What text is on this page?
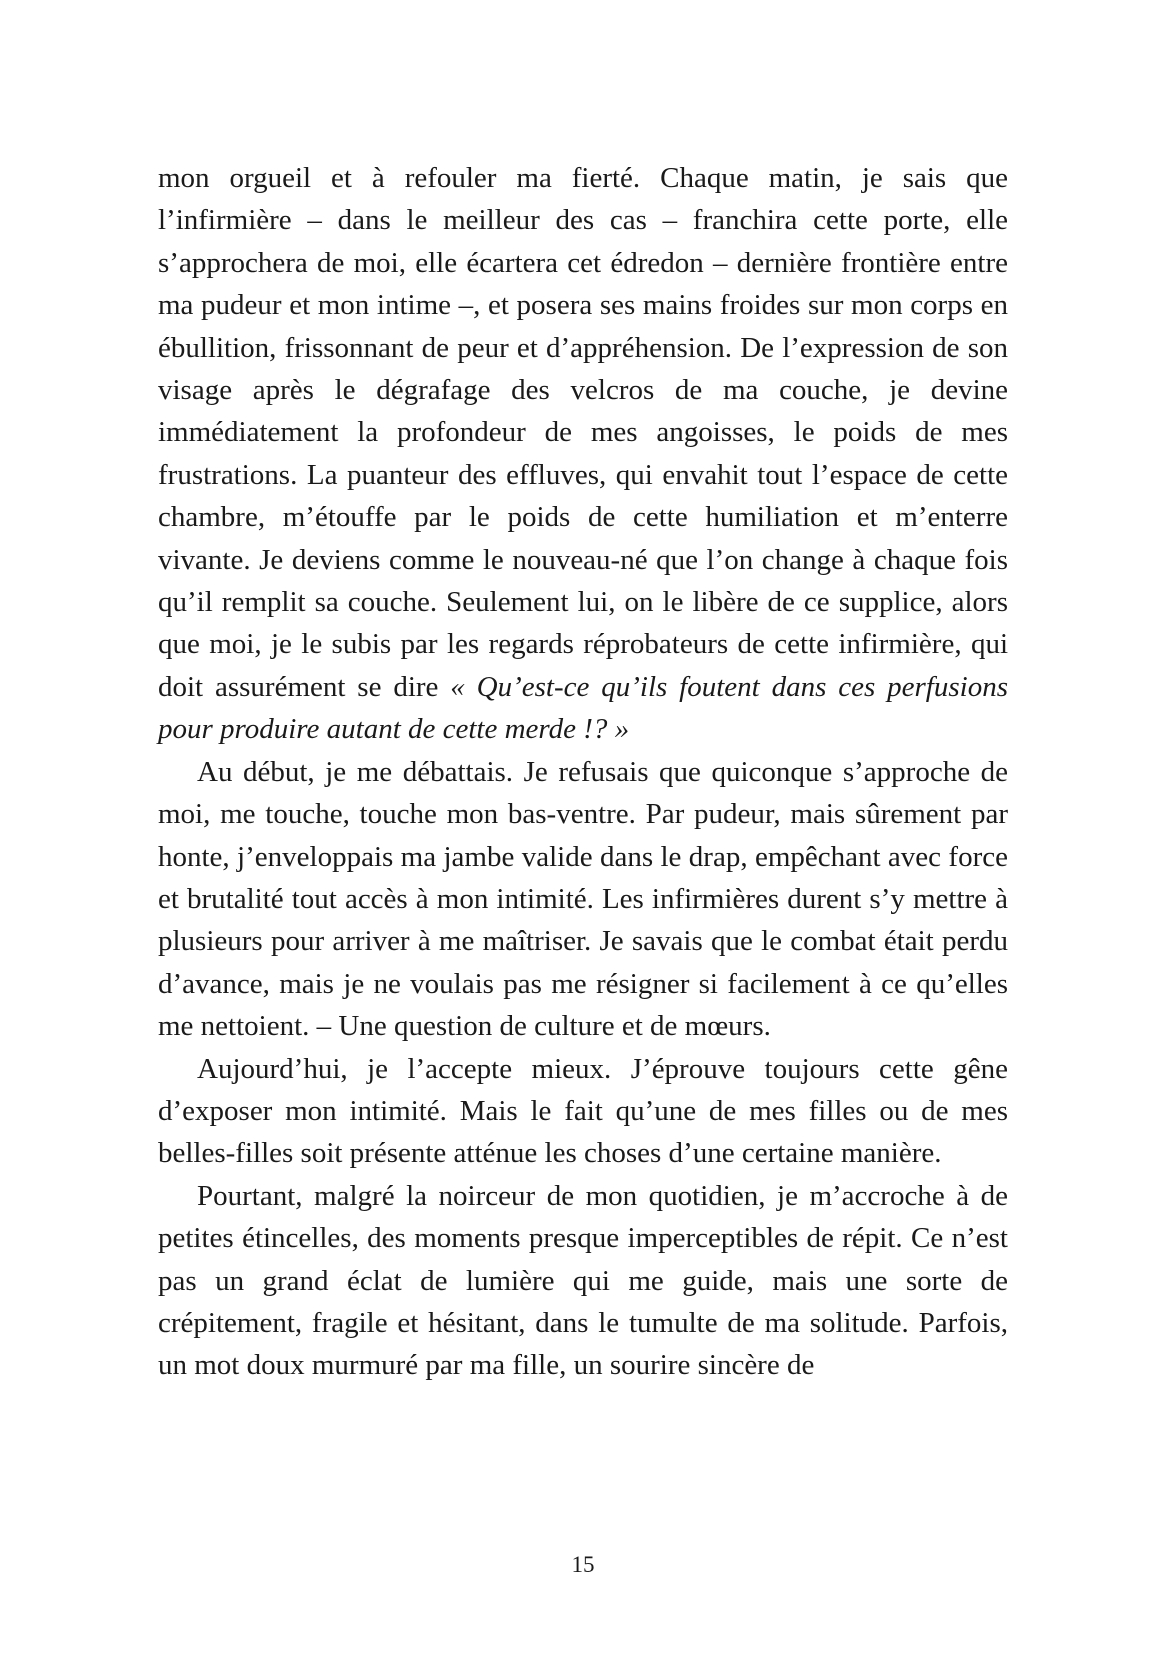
mon orgueil et à refouler ma fierté. Chaque matin, je sais que l’infirmière – dans le meilleur des cas – franchira cette porte, elle s’approchera de moi, elle écartera cet édredon – dernière frontière entre ma pudeur et mon intime –, et posera ses mains froides sur mon corps en ébullition, frissonnant de peur et d’appréhension. De l’expression de son visage après le dégrafage des velcros de ma couche, je devine immédiatement la profondeur de mes angoisses, le poids de mes frustrations. La puanteur des effluves, qui envahit tout l’espace de cette chambre, m’étouffe par le poids de cette humiliation et m’enterre vivante. Je deviens comme le nouveau-né que l’on change à chaque fois qu’il remplit sa couche. Seulement lui, on le libère de ce supplice, alors que moi, je le subis par les regards réprobateurs de cette infirmière, qui doit assurément se dire « Qu’est-ce qu’ils foutent dans ces perfusions pour produire autant de cette merde !? »

Au début, je me débattais. Je refusais que quiconque s’approche de moi, me touche, touche mon bas-ventre. Par pudeur, mais sûrement par honte, j’enveloppais ma jambe valide dans le drap, empêchant avec force et brutalité tout accès à mon intimité. Les infirmières durent s’y mettre à plusieurs pour arriver à me maîtriser. Je savais que le combat était perdu d’avance, mais je ne voulais pas me résigner si facilement à ce qu’elles me nettoient. – Une question de culture et de mœurs.

Aujourd’hui, je l’accepte mieux. J’éprouve toujours cette gêne d’exposer mon intimité. Mais le fait qu’une de mes filles ou de mes belles-filles soit présente atténue les choses d’une certaine manière.

Pourtant, malgré la noirceur de mon quotidien, je m’accroche à de petites étincelles, des moments presque imperceptibles de répit. Ce n’est pas un grand éclat de lumière qui me guide, mais une sorte de crépitement, fragile et hésitant, dans le tumulte de ma solitude. Parfois, un mot doux murmuré par ma fille, un sourire sincère de

15
